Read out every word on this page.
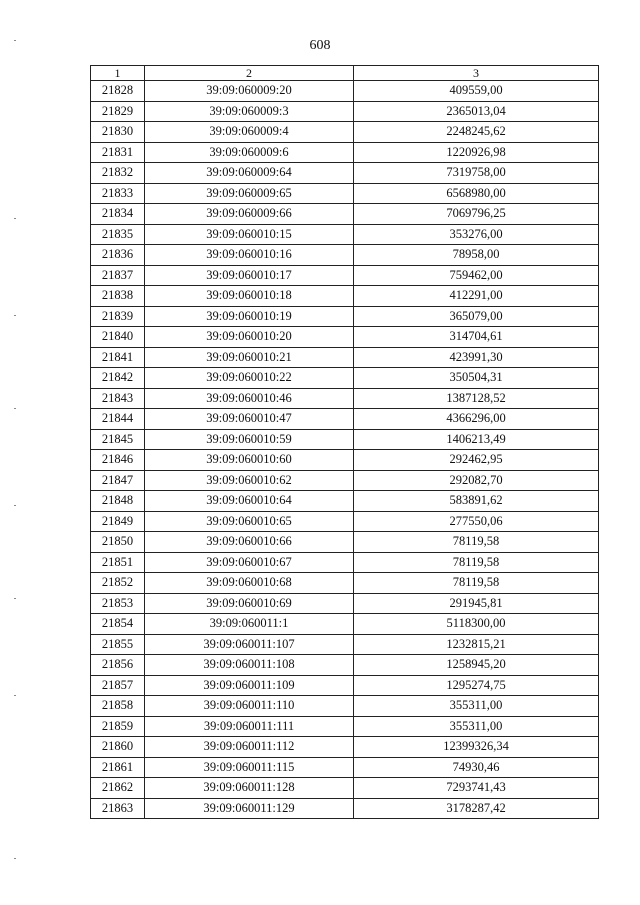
608
1	2	3
21828	39:09:060009:20	409559,00
21829	39:09:060009:3	2365013,04
21830	39:09:060009:4	2248245,62
21831	39:09:060009:6	1220926,98
21832	39:09:060009:64	7319758,00
21833	39:09:060009:65	6568980,00
21834	39:09:060009:66	7069796,25
21835	39:09:060010:15	353276,00
21836	39:09:060010:16	78958,00
21837	39:09:060010:17	759462,00
21838	39:09:060010:18	412291,00
21839	39:09:060010:19	365079,00
21840	39:09:060010:20	314704,61
21841	39:09:060010:21	423991,30
21842	39:09:060010:22	350504,31
21843	39:09:060010:46	1387128,52
21844	39:09:060010:47	4366296,00
21845	39:09:060010:59	1406213,49
21846	39:09:060010:60	292462,95
21847	39:09:060010:62	292082,70
21848	39:09:060010:64	583891,62
21849	39:09:060010:65	277550,06
21850	39:09:060010:66	78119,58
21851	39:09:060010:67	78119,58
21852	39:09:060010:68	78119,58
21853	39:09:060010:69	291945,81
21854	39:09:060011:1	5118300,00
21855	39:09:060011:107	1232815,21
21856	39:09:060011:108	1258945,20
21857	39:09:060011:109	1295274,75
21858	39:09:060011:110	355311,00
21859	39:09:060011:111	355311,00
21860	39:09:060011:112	12399326,34
21861	39:09:060011:115	74930,46
21862	39:09:060011:128	7293741,43
21863	39:09:060011:129	3178287,42
